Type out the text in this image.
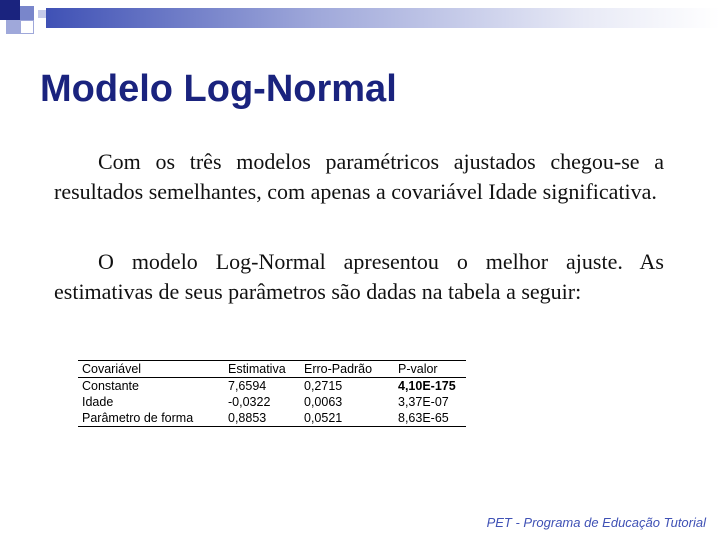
Modelo Log-Normal

Com os três modelos paramétricos ajustados chegou-se a resultados semelhantes, com apenas a covariável Idade significativa.

O modelo Log-Normal apresentou o melhor ajuste. As estimativas de seus parâmetros são dadas na tabela a seguir:

Covariável	Estimativa	Erro-Padrão	P-valor
Constante	7,6594	0,2715	4,10E-175
Idade	-0,0322	0,0063	3,37E-07
Parâmetro de forma	0,8853	0,0521	8,63E-65
PET - Programa de Educação Tutorial
